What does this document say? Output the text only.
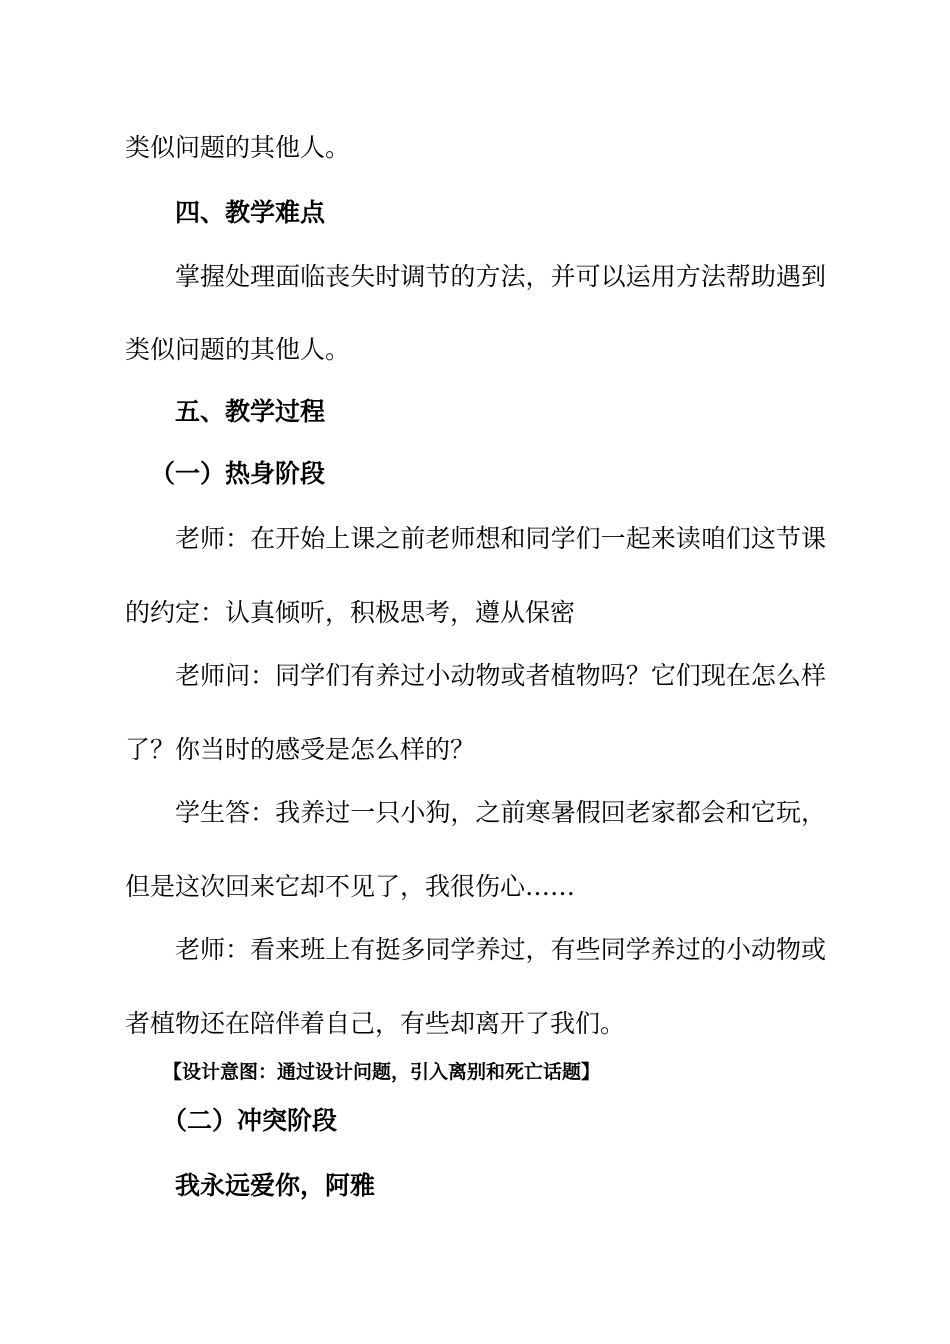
类似问题的其他人。
四、教学难点
掌握处理面临丧失时调节的方法，并可以运用方法帮助遇到
类似问题的其他人。
五、教学过程
（一）热身阶段
老师：在开始上课之前老师想和同学们一起来读咱们这节课
的约定：认真倾听，积极思考，遵从保密
老师问：同学们有养过小动物或者植物吗？它们现在怎么样
了？你当时的感受是怎么样的？
学生答：我养过一只小狗，之前寒暑假回老家都会和它玩，
但是这次回来它却不见了，我很伤心……
老师：看来班上有挺多同学养过，有些同学养过的小动物或
者植物还在陪伴着自己，有些却离开了我们。
【设计意图：通过设计问题，引入离别和死亡话题】
（二）冲突阶段
我永远爱你，阿雅
